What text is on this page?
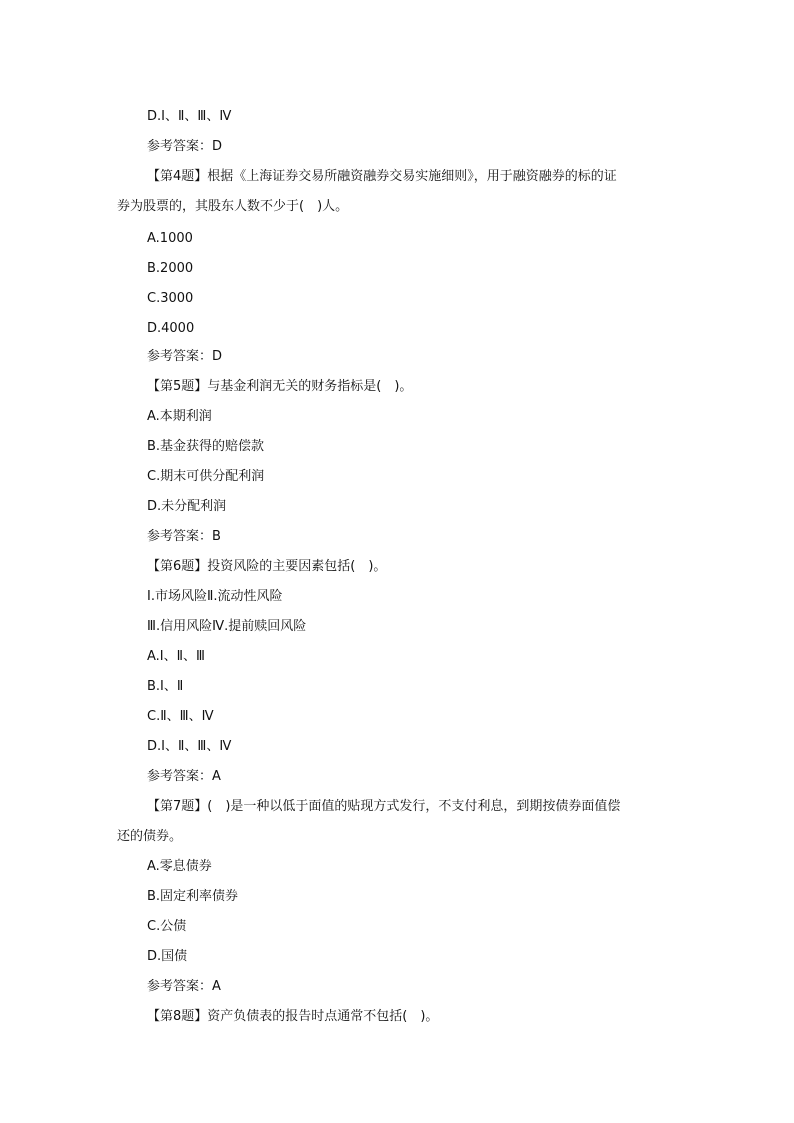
D.Ⅰ、Ⅱ、Ⅲ、Ⅳ
参考答案：D
【第4题】根据《上海证券交易所融资融券交易实施细则》，用于融资融券的标的证
券为股票的，其股东人数不少于(　)人。
A.1000
B.2000
C.3000
D.4000
参考答案：D
【第5题】与基金利润无关的财务指标是(　)。
A.本期利润
B.基金获得的赔偿款
C.期末可供分配利润
D.未分配利润
参考答案：B
【第6题】投资风险的主要因素包括(　)。
Ⅰ.市场风险Ⅱ.流动性风险
Ⅲ.信用风险Ⅳ.提前赎回风险
A.Ⅰ、Ⅱ、Ⅲ
B.Ⅰ、Ⅱ
C.Ⅱ、Ⅲ、Ⅳ
D.Ⅰ、Ⅱ、Ⅲ、Ⅳ
参考答案：A
【第7题】(　)是一种以低于面值的贴现方式发行，不支付利息，到期按债券面值偿
还的债券。
A.零息债券
B.固定利率债券
C.公债
D.国债
参考答案：A
【第8题】资产负债表的报告时点通常不包括(　)。
